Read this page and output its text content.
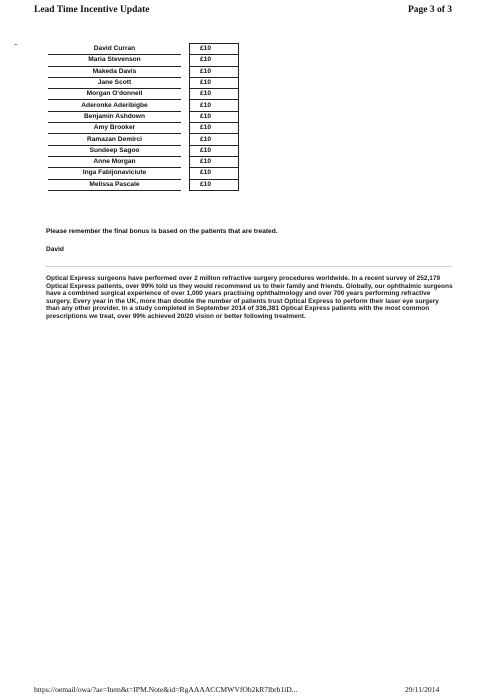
Lead Time Incentive Update	Page 3 of 3
David Curran		£10
Maria Stevenson		£10
Makeda Davis		£10
Jane Scott		£10
Morgan O'donnell		£10
Aderonke Aderibigbe		£10
Benjamin Ashdown		£10
Amy Brooker		£10
Ramazan Demirci		£10
Sundeep Sagoo		£10
Anne Morgan		£10
Inga Fabijonaviciute		£10
Melissa Pascale		£10
Please remember the final bonus is based on the patients that are treated.
David
Optical Express surgeons have performed over 2 million refractive surgery procedures worldwide. In a recent survey of 252,179 Optical Express patients, over 99% told us they would recommend us to their family and friends. Globally, our ophthalmic surgeons have a combined surgical experience of over 1,000 years practising ophthalmology and over 700 years performing refractive surgery. Every year in the UK, more than double the number of patients trust Optical Express to perform their laser eye surgery than any other provider. In a study completed in September 2014 of 336,381 Optical Express patients with the most common prescriptions we treat, over 99% achieved 20/20 vision or better following treatment.
https://oemail/owa/?ae=Item&t=IPM.Note&id=RgAAAACCMWVfOb2kR7lbrb1iD...	29/11/2014
